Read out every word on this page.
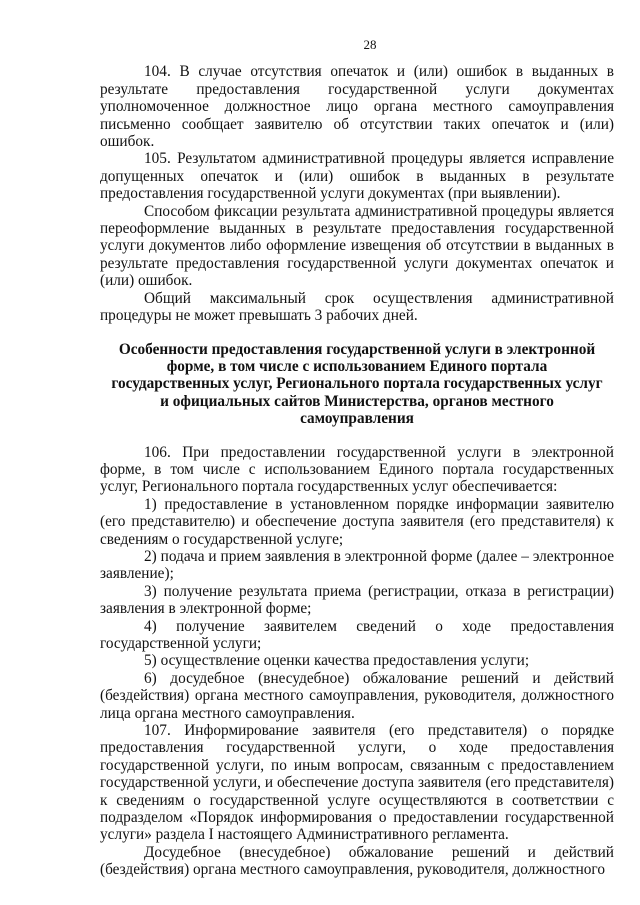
28

104. В случае отсутствия опечаток и (или) ошибок в выданных в результате предоставления государственной услуги документах уполномоченное должностное лицо органа местного самоуправления письменно сообщает заявителю об отсутствии таких опечаток и (или) ошибок.

105. Результатом административной процедуры является исправление допущенных опечаток и (или) ошибок в выданных в результате предоставления государственной услуги документах (при выявлении).

Способом фиксации результата административной процедуры является переоформление выданных в результате предоставления государственной услуги документов либо оформление извещения об отсутствии в выданных в результате предоставления государственной услуги документах опечаток и (или) ошибок.

Общий максимальный срок осуществления административной процедуры не может превышать 3 рабочих дней.

Особенности предоставления государственной услуги в электронной форме, в том числе с использованием Единого портала государственных услуг, Регионального портала государственных услуг и официальных сайтов Министерства, органов местного самоуправления

106. При предоставлении государственной услуги в электронной форме, в том числе с использованием Единого портала государственных услуг, Регионального портала государственных услуг обеспечивается:

1) предоставление в установленном порядке информации заявителю (его представителю) и обеспечение доступа заявителя (его представителя) к сведениям о государственной услуге;

2) подача и прием заявления в электронной форме (далее – электронное заявление);

3) получение результата приема (регистрации, отказа в регистрации) заявления в электронной форме;

4) получение заявителем сведений о ходе предоставления государственной услуги;

5) осуществление оценки качества предоставления услуги;

6) досудебное (внесудебное) обжалование решений и действий (бездействия) органа местного самоуправления, руководителя, должностного лица органа местного самоуправления.

107. Информирование заявителя (его представителя) о порядке предоставления государственной услуги, о ходе предоставления государственной услуги, по иным вопросам, связанным с предоставлением государственной услуги, и обеспечение доступа заявителя (его представителя) к сведениям о государственной услуге осуществляются в соответствии с подразделом «Порядок информирования о предоставлении государственной услуги» раздела I настоящего Административного регламента.

Досудебное (внесудебное) обжалование решений и действий (бездействия) органа местного самоуправления, руководителя, должностного
